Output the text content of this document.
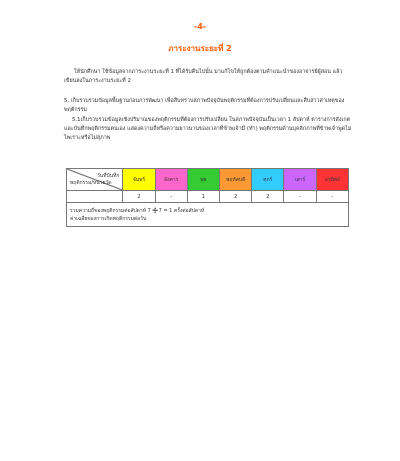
-4-
ภาระงานระยะที่ 2

ให้นักศึกษา ใช้ข้อมูลจากภาระงานระยะที่ 1 ที่ได้รับคืนไปนั้น มาแก้ไขให้ถูกต้องตามคำแนะนำของอาจารย์ผู้สอน แล้วเขียนลงในภาระงานระยะที่ 2

5. เก็บรวบรวมข้อมูลพื้นฐานก่อนการพัฒนา เพื่อสืบทราบสภาพปัจจุบันพฤติกรรมที่ต้องการปรับเปลี่ยนและสืบสาวสาเหตุของพฤติกรรม

5.1เก็บรวบรวมข้อมูลเชิงปริมาณของพฤติกรรมที่ต้องการปรับเปลี่ยน ในสภาพปัจจุบันเป็นเวลา 1 สัปดาห์ ตารางการสังเกต และบันทึกพฤติกรรมตนเอง แสดงความถี่หรือความยาวนานของเวลาที่ข้าพเจ้ามี (ทำ) พฤติกรรมด้านบุคลิกภาพที่ข้าพเจ้าพูดไม่ไพเราะหรือไม่สุภาพ

วันที่บันทึก
พฤติกรรม/หน่วยวัด	จันทร์	อังคาร	พุธ	พฤหัสบดี	ศุกร์	เสาร์	อาทิตย์
	2	-	1	2	2	-	-

รวมความถี่ของพฤติกรรมต่อสัปดาห์ 7 ➗7 = 1 ครั้งต่อสัปดาห์
ค่าเฉลี่ยของการเกิดพฤติกรรมต่อวัน							
